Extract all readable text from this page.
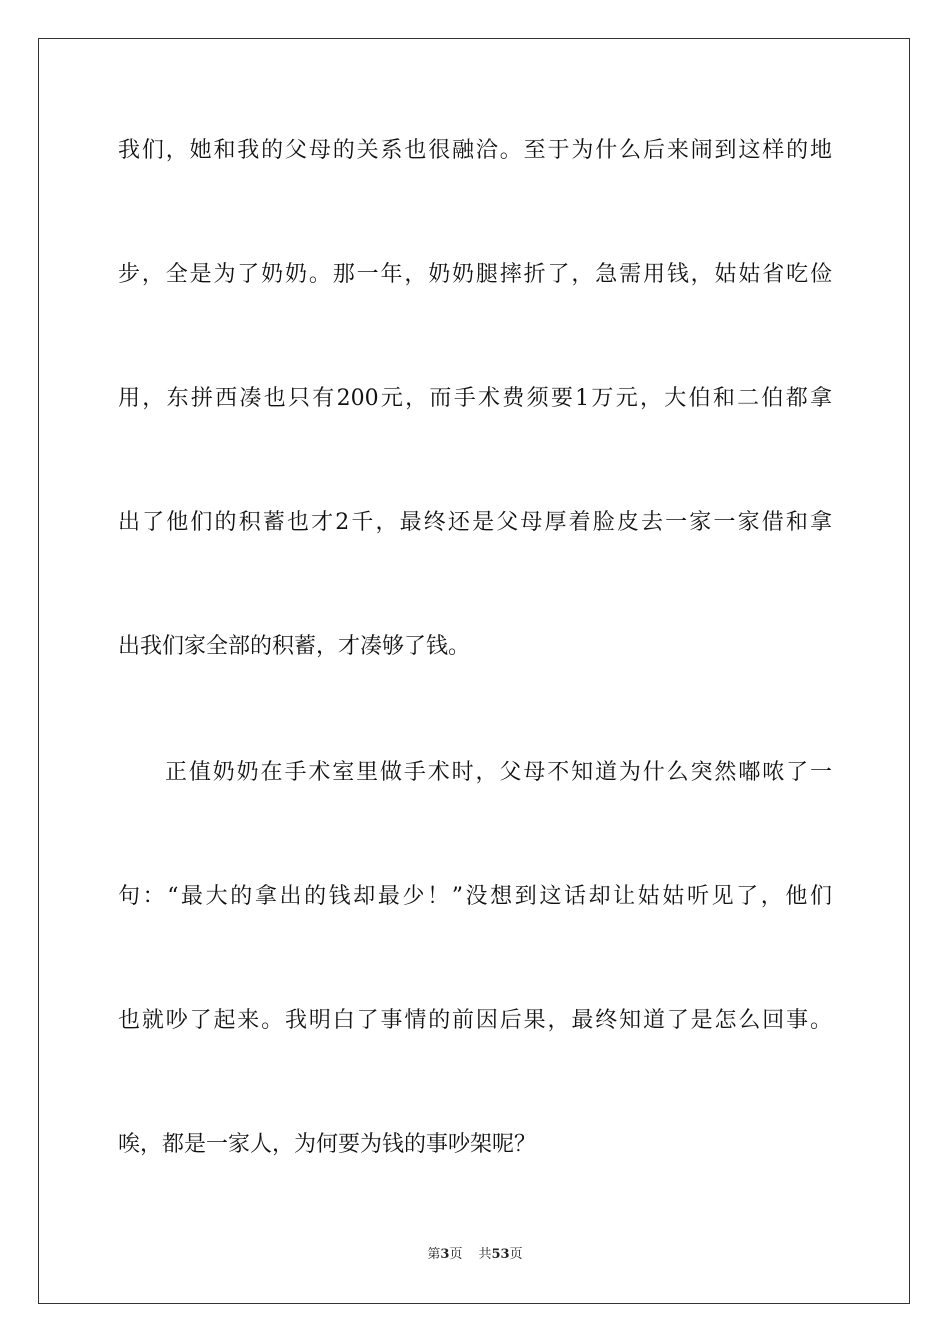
我们，她和我的父母的关系也很融洽。至于为什么后来闹到这样的地
步，全是为了奶奶。那一年，奶奶腿摔折了，急需用钱，姑姑省吃俭
用，东拼西凑也只有200元，而手术费须要1万元，大伯和二伯都拿
出了他们的积蓄也才2千，最终还是父母厚着脸皮去一家一家借和拿
出我们家全部的积蓄，才凑够了钱。
正值奶奶在手术室里做手术时，父母不知道为什么突然嘟哝了一
句：“最大的拿出的钱却最少！”没想到这话却让姑姑听见了，他们
也就吵了起来。我明白了事情的前因后果，最终知道了是怎么回事。
唉，都是一家人，为何要为钱的事吵架呢？
第3页 共53页
